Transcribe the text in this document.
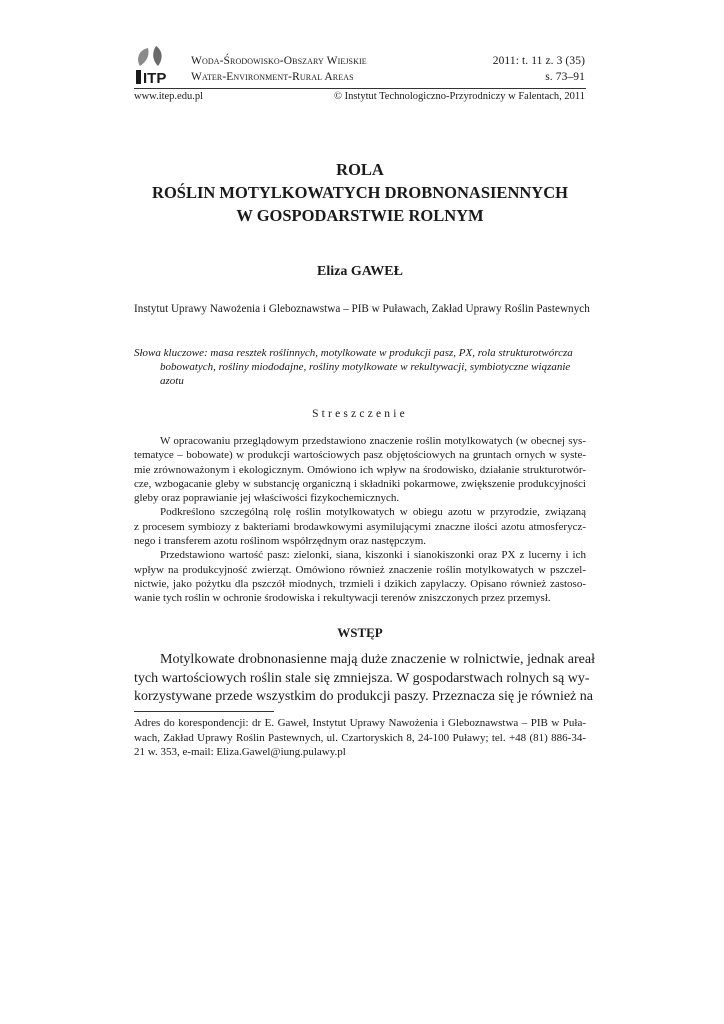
ITP
Woda-Środowisko-Obszary Wiejskie
Water-Environment-Rural Areas
2011: t. 11 z. 3 (35)
s. 73–91
www.itep.edu.pl	© Instytut Technologiczno-Przyrodniczy w Falentach, 2011
ROLA
ROŚLIN MOTYLKOWATYCH DROBNONASIENNYCH
W GOSPODARSTWIE ROLNYM
Eliza GAWEŁ
Instytut Uprawy Nawożenia i Gleboznawstwa – PIB w Puławach, Zakład Uprawy Roślin Pastewnych
Słowa kluczowe: masa resztek roślinnych, motylkowate w produkcji pasz, PX, rola strukturotwórcza
bobowatych, rośliny miododajne, rośliny motylkowate w rekultywacji, symbiotyczne wiązanie
azotu
Streszczenie
W opracowaniu przeglądowym przedstawiono znaczenie roślin motylkowatych (w obecnej sys-
tematyce – bobowate) w produkcji wartościowych pasz objętościowych na gruntach ornych w syste-
mie zrównoważonym i ekologicznym. Omówiono ich wpływ na środowisko, działanie strukturotwór-
cze, wzbogacanie gleby w substancję organiczną i składniki pokarmowe, zwiększenie produkcyjności
gleby oraz poprawianie jej właściwości fizykochemicznych.
Podkreślono szczególną rolę roślin motylkowatych w obiegu azotu w przyrodzie, związaną
z procesem symbiozy z bakteriami brodawkowymi asymilującymi znaczne ilości azotu atmosferycz-
nego i transferem azotu roślinom współrzędnym oraz następczym.
Przedstawiono wartość pasz: zielonki, siana, kiszonki i sianokiszonki oraz PX z lucerny i ich
wpływ na produkcyjność zwierząt. Omówiono również znaczenie roślin motylkowatych w pszczel-
nictwie, jako pożytku dla pszczół miodnych, trzmieli i dzikich zapylaczy. Opisano również zastoso-
wanie tych roślin w ochronie środowiska i rekultywacji terenów zniszczonych przez przemysł.
WSTĘP
Motylkowate drobnonasienne mają duże znaczenie w rolnictwie, jednak areał
tych wartościowych roślin stale się zmniejsza. W gospodarstwach rolnych są wy-
korzystywane przede wszystkim do produkcji paszy. Przeznacza się je również na
Adres do korespondencji: dr E. Gaweł, Instytut Uprawy Nawożenia i Gleboznawstwa – PIB w Puła-
wach, Zakład Uprawy Roślin Pastewnych, ul. Czartoryskich 8, 24-100 Puławy; tel. +48 (81) 886-34-
21 w. 353, e-mail: Eliza.Gawel@iung.pulawy.pl
